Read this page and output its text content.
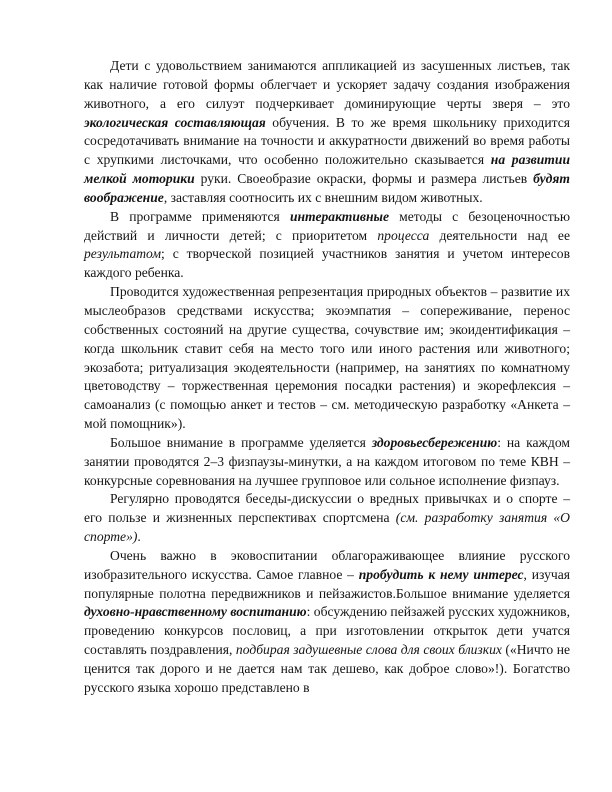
Дети с удовольствием занимаются аппликацией из засушенных листьев, так как наличие готовой формы облегчает и ускоряет задачу создания изображения животного, а его силуэт подчеркивает доминирующие черты зверя – это экологическая составляющая обучения. В то же время школьнику приходится сосредотачивать внимание на точности и аккуратности движений во время работы с хрупкими листочками, что особенно положительно сказывается на развитии мелкой моторики руки. Своеобразие окраски, формы и размера листьев будят воображение, заставляя соотносить их с внешним видом животных.

В программе применяются интерактивные методы с безоценочностью действий и личности детей; с приоритетом процесса деятельности над ее результатом; с творческой позицией участников занятия и учетом интересов каждого ребенка.

Проводится художественная репрезентация природных объектов – развитие их мыслеобразов средствами искусства; экоэмпатия – сопереживание, перенос собственных состояний на другие существа, сочувствие им; экоидентификация – когда школьник ставит себя на место того или иного растения или животного; экозабота; ритуализация экодеятельности (например, на занятиях по комнатному цветоводству – торжественная церемония посадки растения) и экорефлексия – самоанализ (с помощью анкет и тестов – см. методическую разработку «Анкета – мой помощник»).

Большое внимание в программе уделяется здоровьесбережению: на каждом занятии проводятся 2–3 физпаузы-минутки, а на каждом итоговом по теме КВН – конкурсные соревнования на лучшее групповое или сольное исполнение физпауз.

Регулярно проводятся беседы-дискуссии о вредных привычках и о спорте – его пользе и жизненных перспективах спортсмена (см. разработку занятия «О спорте»).

Очень важно в эковоспитании облагораживающее влияние русского изобразительного искусства. Самое главное – пробудить к нему интерес, изучая популярные полотна передвижников и пейзажистов.Большое внимание уделяется духовно-нравственному воспитанию: обсуждению пейзажей русских художников, проведению конкурсов пословиц, а при изготовлении открыток дети учатся составлять поздравления, подбирая задушевные слова для своих близких («Ничто не ценится так дорого и не дается нам так дешево, как доброе слово»!). Богатство русского языка хорошо представлено в
